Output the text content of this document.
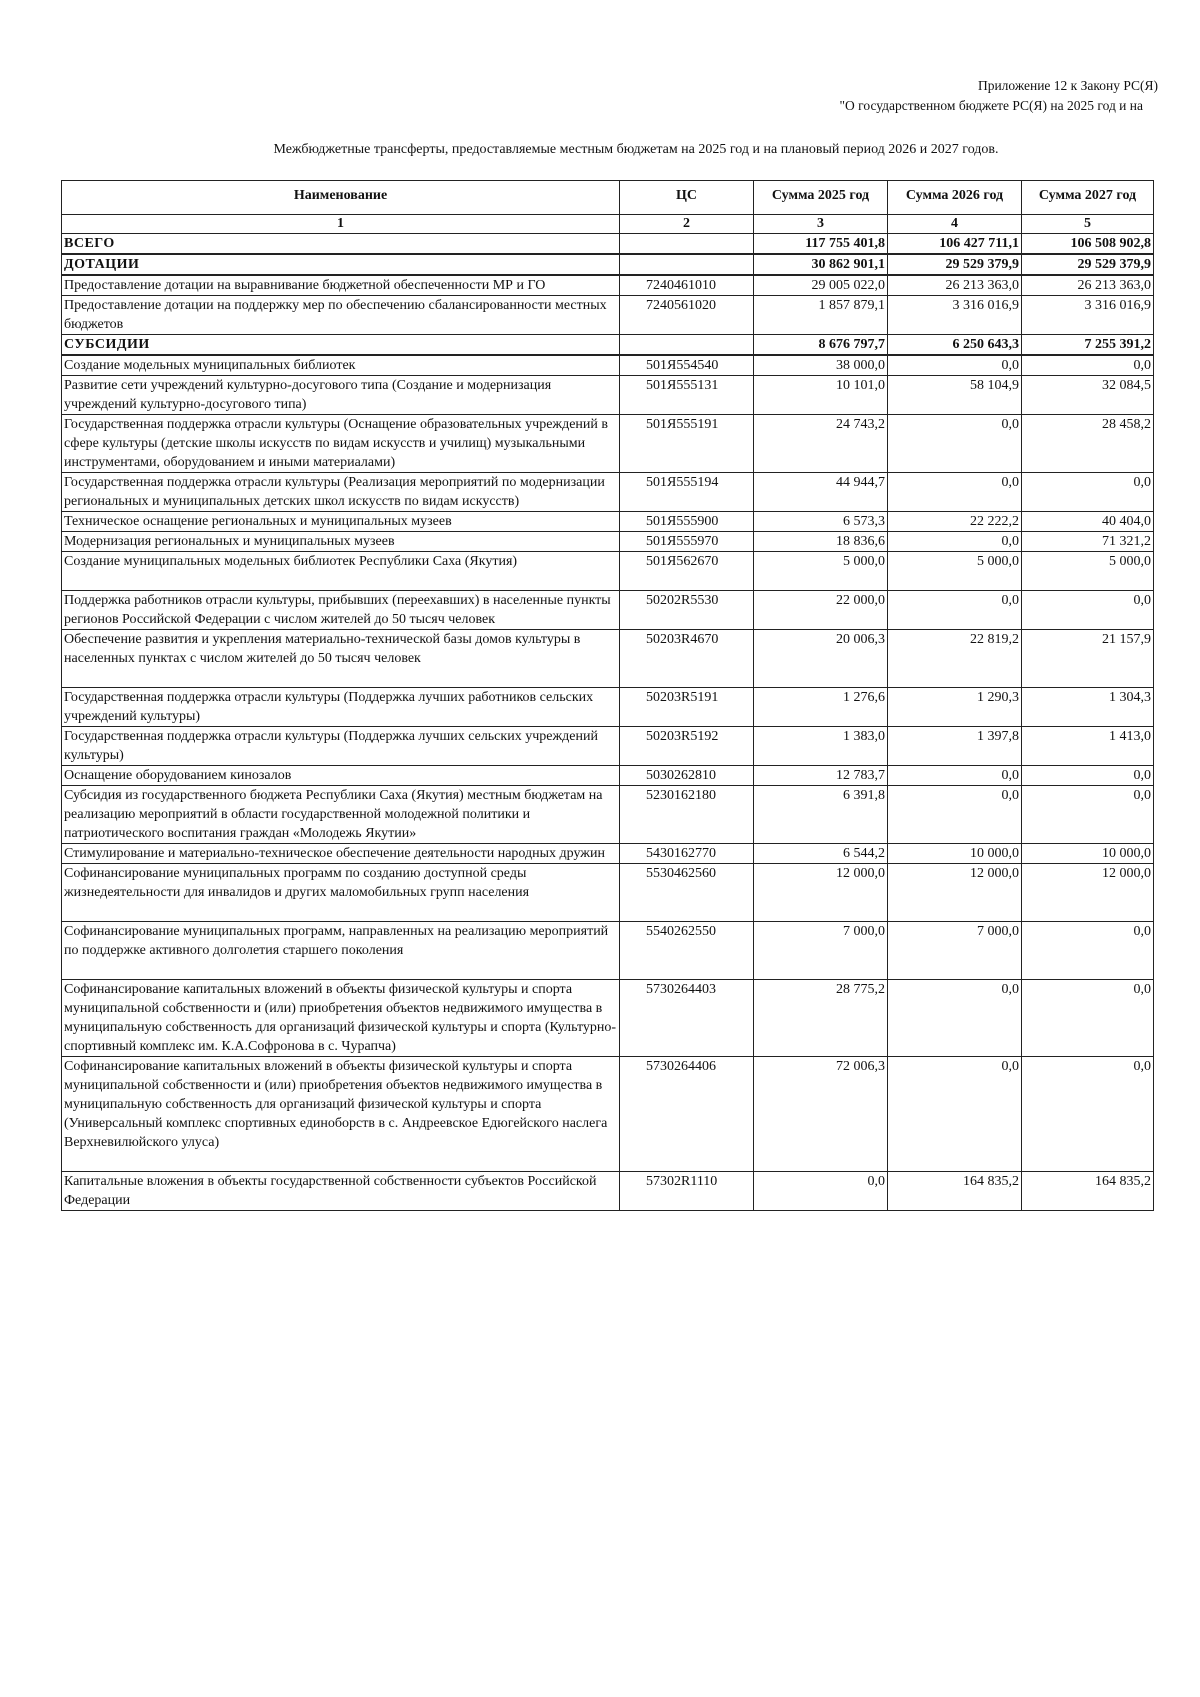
Приложение 12 к Закону РС(Я)
"О государственном бюджете РС(Я) на 2025 год и на
Межбюджетные трансферты, предоставляемые местным бюджетам на 2025 год и на плановый период 2026 и 2027 годов.
Наименование	ЦС	Сумма 2025 год	Сумма 2026 год	Сумма 2027 год
1	2	3	4	5
ВСЕГО		117 755 401,8	106 427 711,1	106 508 902,8
ДОТАЦИИ		30 862 901,1	29 529 379,9	29 529 379,9
Предоставление дотации на выравнивание бюджетной обеспеченности МР и ГО	7240461010	29 005 022,0	26 213 363,0	26 213 363,0
Предоставление дотации на поддержку мер по обеспечению сбалансированности местных бюджетов	7240561020	1 857 879,1	3 316 016,9	3 316 016,9
СУБСИДИИ		8 676 797,7	6 250 643,3	7 255 391,2
Создание модельных муниципальных библиотек	501Я554540	38 000,0	0,0	0,0
Развитие сети учреждений культурно-досугового типа (Создание и модернизация учреждений культурно-досугового типа)	501Я555131	10 101,0	58 104,9	32 084,5
Государственная поддержка отрасли культуры (Оснащение образовательных учреждений в сфере культуры (детские школы искусств по видам искусств и училищ) музыкальными инструментами, оборудованием и иными материалами)	501Я555191	24 743,2	0,0	28 458,2
Государственная поддержка отрасли культуры (Реализация мероприятий по модернизации региональных и муниципальных детских школ искусств по видам искусств)	501Я555194	44 944,7	0,0	0,0
Техническое оснащение региональных и муниципальных музеев	501Я555900	6 573,3	22 222,2	40 404,0
Модернизация региональных и муниципальных музеев	501Я555970	18 836,6	0,0	71 321,2
Создание муниципальных модельных библиотек Республики Саха (Якутия)	501Я562670	5 000,0	5 000,0	5 000,0
Поддержка работников отрасли культуры, прибывших (переехавших) в населенные пункты регионов Российской Федерации с числом жителей до 50 тысяч человек	50202R5530	22 000,0	0,0	0,0
Обеспечение развития и укрепления материально-технической базы домов культуры в населенных пунктах с числом жителей до 50 тысяч человек	50203R4670	20 006,3	22 819,2	21 157,9
Государственная поддержка отрасли культуры (Поддержка лучших работников сельских учреждений культуры)	50203R5191	1 276,6	1 290,3	1 304,3
Государственная поддержка отрасли культуры (Поддержка лучших сельских учреждений культуры)	50203R5192	1 383,0	1 397,8	1 413,0
Оснащение оборудованием кинозалов	5030262810	12 783,7	0,0	0,0
Субсидия из государственного бюджета Республики Саха (Якутия) местным бюджетам на реализацию мероприятий в области государственной молодежной политики и патриотического воспитания граждан «Молодежь Якутии»	5230162180	6 391,8	0,0	0,0
Стимулирование и материально-техническое обеспечение деятельности народных дружин	5430162770	6 544,2	10 000,0	10 000,0
Софинансирование муниципальных программ по созданию доступной среды жизнедеятельности для инвалидов и других маломобильных групп населения	5530462560	12 000,0	12 000,0	12 000,0
Софинансирование муниципальных программ, направленных на реализацию мероприятий по поддержке активного долголетия старшего поколения	5540262550	7 000,0	7 000,0	0,0
Софинансирование капитальных вложений в объекты физической культуры и спорта муниципальной собственности и (или) приобретения объектов недвижимого имущества в муниципальную собственность для организаций физической культуры и спорта (Культурно-спортивный комплекс им. К.А.Софронова в с. Чурапча)	5730264403	28 775,2	0,0	0,0
Софинансирование капитальных вложений в объекты физической культуры и спорта муниципальной собственности и (или) приобретения объектов недвижимого имущества в муниципальную собственность для организаций физической культуры и спорта (Универсальный комплекс спортивных единоборств в с. Андреевское Едюгейского наслега Верхневилюйского улуса)	5730264406	72 006,3	0,0	0,0
Капитальные вложения в объекты государственной собственности субъектов Российской Федерации	57302R1110	0,0	164 835,2	164 835,2
